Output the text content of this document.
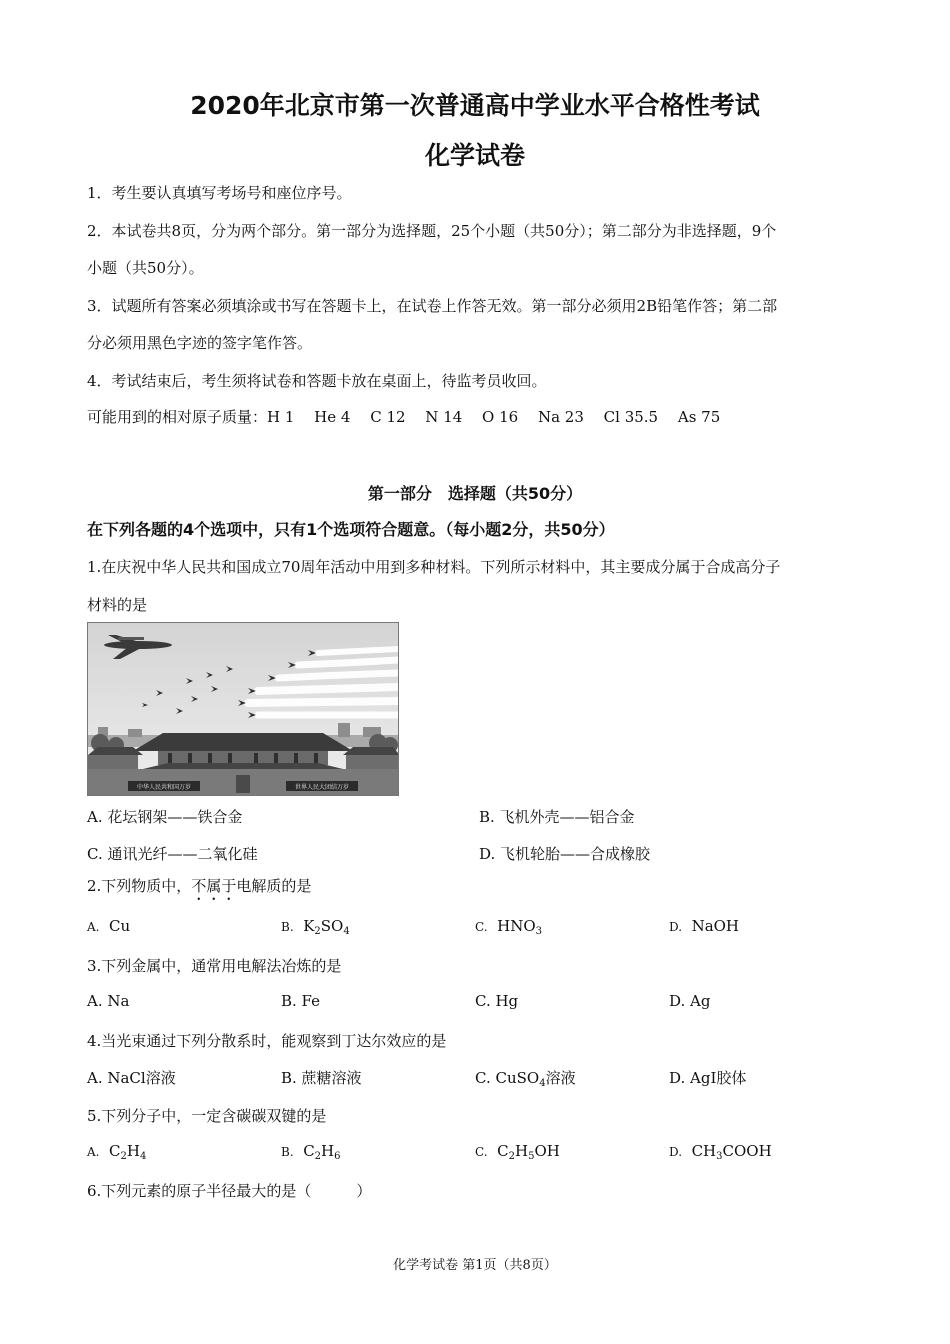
2020年北京市第一次普通高中学业水平合格性考试
化学试卷
1．考生要认真填写考场号和座位序号。
2．本试卷共8页，分为两个部分。第一部分为选择题，25个小题（共50分）；第二部分为非选择题，9个
小题（共50分）。
3．试题所有答案必须填涂或书写在答题卡上，在试卷上作答无效。第一部分必须用2B铅笔作答；第二部
分必须用黑色字迹的签字笔作答。
4．考试结束后，考生须将试卷和答题卡放在桌面上，待监考员收回。
可能用到的相对原子质量：H 1　 He 4　 C 12　 N 14　 O 16　 Na 23　 Cl 35.5　 As 75
第一部分　选择题（共50分）
在下列各题的4个选项中，只有1个选项符合题意。（每小题2分，共50分）
1.在庆祝中华人民共和国成立70周年活动中用到多种材料。下列所示材料中，其主要成分属于合成高分子
材料的是
中华人民共和国万岁	世界人民大团结万岁
A. 花坛钢架——铁合金	B. 飞机外壳——铝合金
C. 通讯光纤——二氧化硅	D. 飞机轮胎——合成橡胶
2.下列物质中，不属于电解质的是
A. Cu	B. $K_2SO_4$	C. $HNO_3$	D. NaOH
3.下列金属中，通常用电解法冶炼的是
A. Na	B. Fe	C. Hg	D. Ag
4.当光束通过下列分散系时，能观察到丁达尔效应的是
A. NaCl溶液	B. 蔗糖溶液	C. CuSO$_4$溶液	D. AgI胶体
5.下列分子中，一定含碳碳双键的是
A. $C_2H_4$	B. $C_2H_6$	C. $C_2H_5OH$	D. $CH_3COOH$
6.下列元素的原子半径最大的是（　　　）
化学考试卷 第1页（共8页）
